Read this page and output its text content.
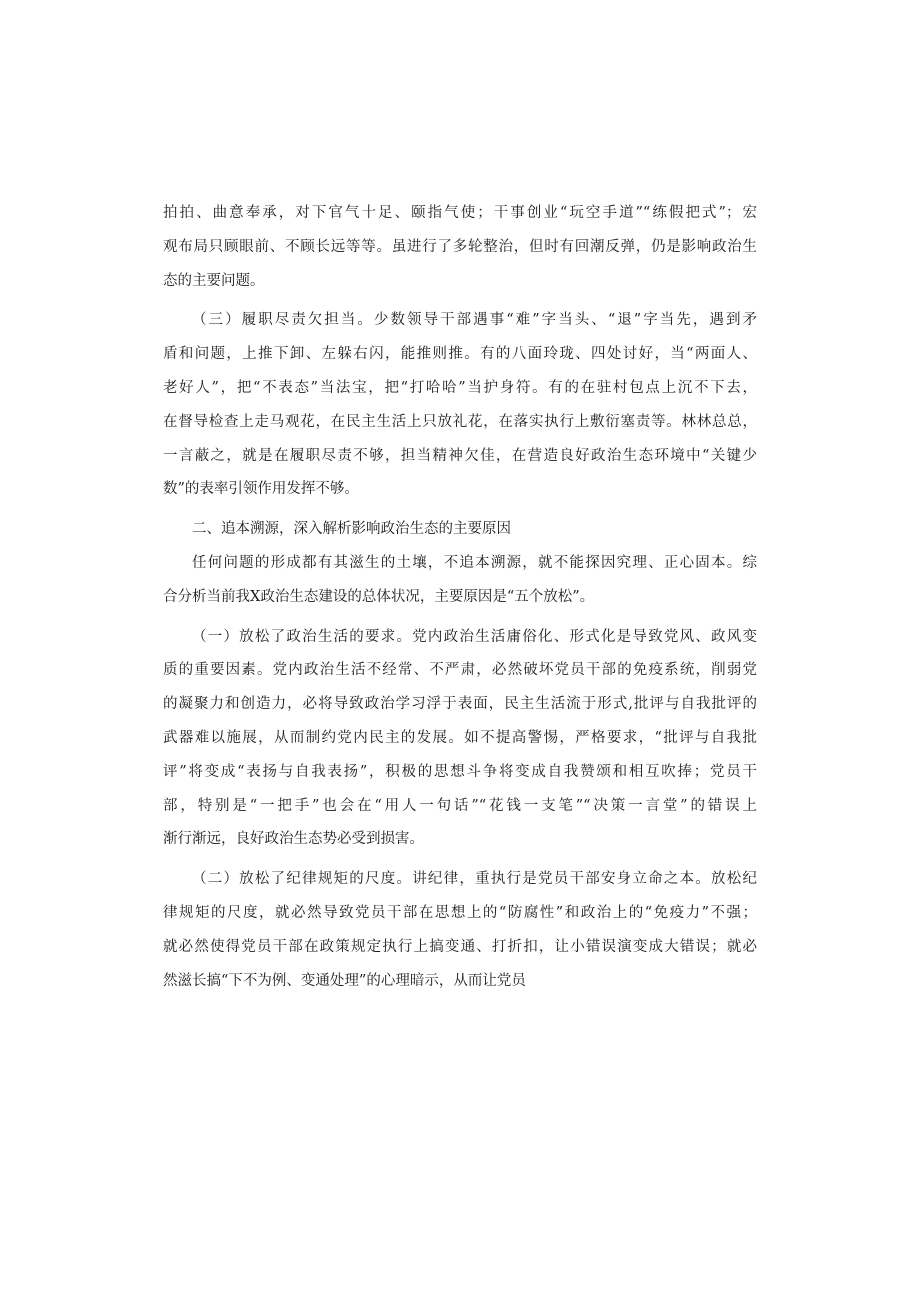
拍拍、曲意奉承，对下官气十足、颐指气使；干事创业“玩空手道”“练假把式”；宏
观布局只顾眼前、不顾长远等等。虽进行了多轮整治，但时有回潮反弹，仍是影响政治生
态的主要问题。
（三）履职尽责欠担当。少数领导干部遇事“难”字当头、“退”字当先，遇到矛
盾和问题，上推下卸、左躲右闪，能推则推。有的八面玲珑、四处讨好，当“两面人、
老好人”，把“不表态”当法宝，把“打哈哈”当护身符。有的在驻村包点上沉不下去，
在督导检查上走马观花，在民主生活上只放礼花，在落实执行上敷衍塞责等。林林总总，
一言蔽之，就是在履职尽责不够，担当精神欠佳，在营造良好政治生态环境中“关键少
数”的表率引领作用发挥不够。
二、追本溯源，深入解析影响政治生态的主要原因
任何问题的形成都有其滋生的土壤，不追本溯源，就不能探因究理、正心固本。综
合分析当前我X政治生态建设的总体状况，主要原因是“五个放松”。
（一）放松了政治生活的要求。党内政治生活庸俗化、形式化是导致党风、政风变
质的重要因素。党内政治生活不经常、不严肃，必然破坏党员干部的免疫系统，削弱党
的凝聚力和创造力，必将导致政治学习浮于表面，民主生活流于形式,批评与自我批评的
武器难以施展，从而制约党内民主的发展。如不提高警惕，严格要求，“批评与自我批
评”将变成“表扬与自我表扬”，积极的思想斗争将变成自我赞颂和相互吹捧；党员干
部，特别是“一把手”也会在“用人一句话”“花钱一支笔”“决策一言堂”的错误上
渐行渐远，良好政治生态势必受到损害。
（二）放松了纪律规矩的尺度。讲纪律，重执行是党员干部安身立命之本。放松纪
律规矩的尺度，就必然导致党员干部在思想上的“防腐性”和政治上的“免疫力”不强；
就必然使得党员干部在政策规定执行上搞变通、打折扣，让小错误演变成大错误；就必
然滋长搞“下不为例、变通处理”的心理暗示，从而让党员
